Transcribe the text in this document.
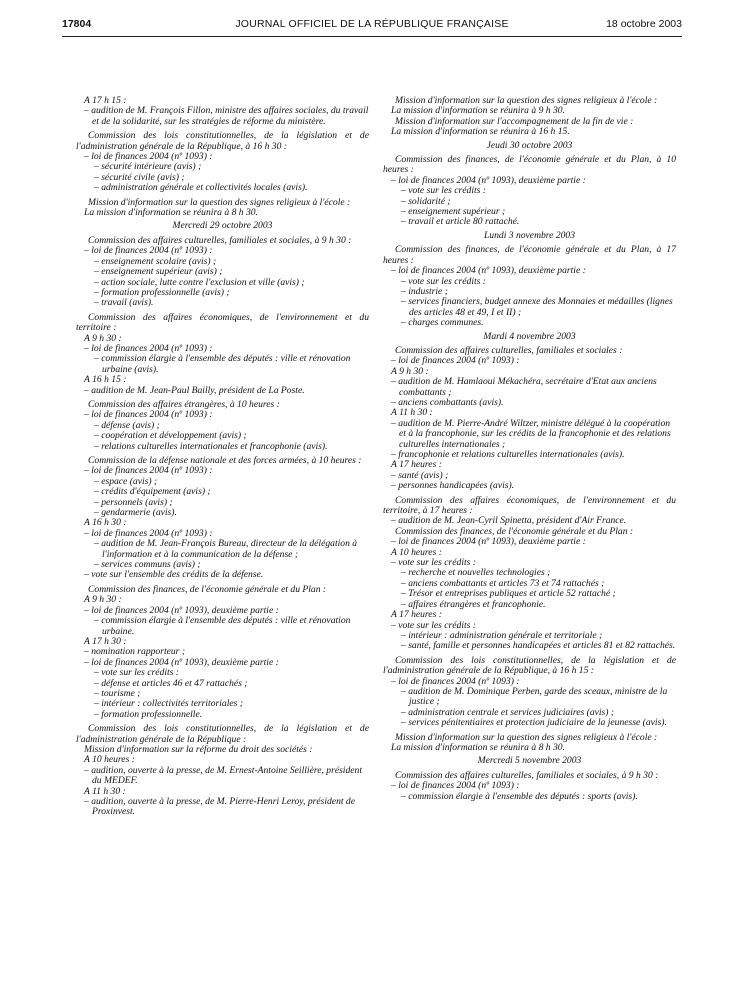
17804	JOURNAL OFFICIEL DE LA RÉPUBLIQUE FRANÇAISE	18 octobre 2003
A 17 h 15 :
– audition de M. François Fillon, ministre des affaires sociales, du travail et de la solidarité, sur les stratégies de réforme du ministère.
Commission des lois constitutionnelles, de la législation et de l'administration générale de la République, à 16 h 30 :
– loi de finances 2004 (nº 1093) :
– sécurité intérieure (avis) ;
– sécurité civile (avis) ;
– administration générale et collectivités locales (avis).
Mission d'information sur la question des signes religieux à l'école :
La mission d'information se réunira à 8 h 30.
Mercredi 29 octobre 2003
Commission des affaires culturelles, familiales et sociales, à 9 h 30 :
– loi de finances 2004 (nº 1093) :
– enseignement scolaire (avis) ;
– enseignement supérieur (avis) ;
– action sociale, lutte contre l'exclusion et ville (avis) ;
– formation professionnelle (avis) ;
– travail (avis).
Commission des affaires économiques, de l'environnement et du territoire :
A 9 h 30 :
– loi de finances 2004 (nº 1093) :
– commission élargie à l'ensemble des députés : ville et rénovation urbaine (avis).
A 16 h 15 :
– audition de M. Jean-Paul Bailly, président de La Poste.
Commission des affaires étrangères, à 10 heures :
– loi de finances 2004 (nº 1093) :
– défense (avis) ;
– coopération et développement (avis) ;
– relations culturelles internationales et francophonie (avis).
Commission de la défense nationale et des forces armées, à 10 heures :
– loi de finances 2004 (nº 1093) :
– espace (avis) ;
– crédits d'équipement (avis) ;
– personnels (avis) ;
– gendarmerie (avis).
A 16 h 30 :
– loi de finances 2004 (nº 1093) :
– audition de M. Jean-François Bureau, directeur de la délégation à l'information et à la communication de la défense ;
– services communs (avis) ;
– vote sur l'ensemble des crédits de la défense.
Commission des finances, de l'économie générale et du Plan :
A 9 h 30 :
– loi de finances 2004 (nº 1093), deuxième partie :
– commission élargie à l'ensemble des députés : ville et rénovation urbaine.
A 17 h 30 :
– nomination rapporteur ;
– loi de finances 2004 (nº 1093), deuxième partie :
– vote sur les crédits :
– défense et articles 46 et 47 rattachés ;
– tourisme ;
– intérieur : collectivités territoriales ;
– formation professionnelle.
Commission des lois constitutionnelles, de la législation et de l'administration générale de la République :
Mission d'information sur la réforme du droit des sociétés :
A 10 heures :
– audition, ouverte à la presse, de M. Ernest-Antoine Seillière, président du MEDEF.
A 11 h 30 :
– audition, ouverte à la presse, de M. Pierre-Henri Leroy, président de Proxinvest.
Mission d'information sur la question des signes religieux à l'école :
La mission d'information se réunira à 9 h 30.
Mission d'information sur l'accompagnement de la fin de vie :
La mission d'information se réunira à 16 h 15.
Jeudi 30 octobre 2003
Commission des finances, de l'économie générale et du Plan, à 10 heures :
– loi de finances 2004 (nº 1093), deuxième partie :
– vote sur les crédits :
– solidarité ;
– enseignement supérieur ;
– travail et article 80 rattaché.
Lundi 3 novembre 2003
Commission des finances, de l'économie générale et du Plan, à 17 heures :
– loi de finances 2004 (nº 1093), deuxième partie :
– vote sur les crédits :
– industrie ;
– services financiers, budget annexe des Monnaies et médailles (lignes des articles 48 et 49, I et II) ;
– charges communes.
Mardi 4 novembre 2003
Commission des affaires culturelles, familiales et sociales :
– loi de finances 2004 (nº 1093) :
A 9 h 30 :
– audition de M. Hamlaoui Mékachéra, secrétaire d'Etat aux anciens combattants ;
– anciens combattants (avis).
A 11 h 30 :
– audition de M. Pierre-André Wiltzer, ministre délégué à la coopération et à la francophonie, sur les crédits de la francophonie et des relations culturelles internationales ;
– francophonie et relations culturelles internationales (avis).
A 17 heures :
– santé (avis) ;
– personnes handicapées (avis).
Commission des affaires économiques, de l'environnement et du territoire, à 17 heures :
– audition de M. Jean-Cyril Spinetta, président d'Air France.
Commission des finances, de l'économie générale et du Plan :
– loi de finances 2004 (nº 1093), deuxième partie :
A 10 heures :
– vote sur les crédits :
– recherche et nouvelles technologies ;
– anciens combattants et articles 73 et 74 rattachés ;
– Trésor et entreprises publiques et article 52 rattaché ;
– affaires étrangères et francophonie.
A 17 heures :
– vote sur les crédits :
– intérieur : administration générale et territoriale ;
– santé, famille et personnes handicapées et articles 81 et 82 rattachés.
Commission des lois constitutionnelles, de la législation et de l'administration générale de la République, à 16 h 15 :
– loi de finances 2004 (nº 1093) :
– audition de M. Dominique Perben, garde des sceaux, ministre de la justice ;
– administration centrale et services judiciaires (avis) ;
– services pénitentiaires et protection judiciaire de la jeunesse (avis).
Mission d'information sur la question des signes religieux à l'école :
La mission d'information se réunira à 8 h 30.
Mercredi 5 novembre 2003
Commission des affaires culturelles, familiales et sociales, à 9 h 30 :
– loi de finances 2004 (nº 1093) :
– commission élargie à l'ensemble des députés : sports (avis).
